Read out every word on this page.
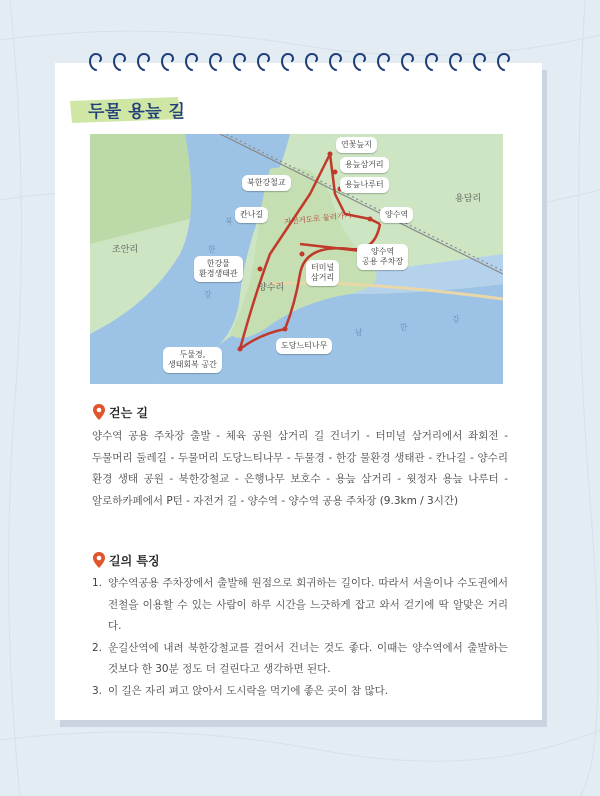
두물 용늪 길
북
한
강
남
한
강
조안리
용담리
양수리
자전거도로 둘러가기
연꽃늪지
용늪삼거리
북한강철교	용늪나루터
칸나길	양수역
양수역
공용 주차장
한강물
환경생태관
터미널
삼거리
도당느티나무
두물경,
생태회복 공간
걷는 길
양수역 공용 주차장 출발 - 체육 공원 삼거리 길 건너기 - 터미널 삼거리에서 좌회전 - 두물머리 둘레길 - 두물머리 도당느티나무 - 두물경 - 한강 물환경 생태관 - 칸나길 - 양수리 환경 생태 공원 - 북한강철교 - 은행나무 보호수 - 용늪 삼거리 - 윗정자 용늪 나루터 - 알로하카페에서 P턴 - 자전거 길 - 양수역 - 양수역 공용 주차장 (9.3km / 3시간)
길의 특징
1. 양수역공용 주차장에서 출발해 원점으로 회귀하는 길이다. 따라서 서울이나 수도권에서 전철을 이용할 수 있는 사람이 하루 시간을 느긋하게 잡고 와서 걷기에 딱 알맞은 거리다.
2. 운길산역에 내려 북한강철교를 걸어서 건너는 것도 좋다. 이때는 양수역에서 출발하는 것보다 한 30분 정도 더 걸린다고 생각하면 된다.
3. 이 길은 자리 펴고 앉아서 도시락을 먹기에 좋은 곳이 참 많다.
